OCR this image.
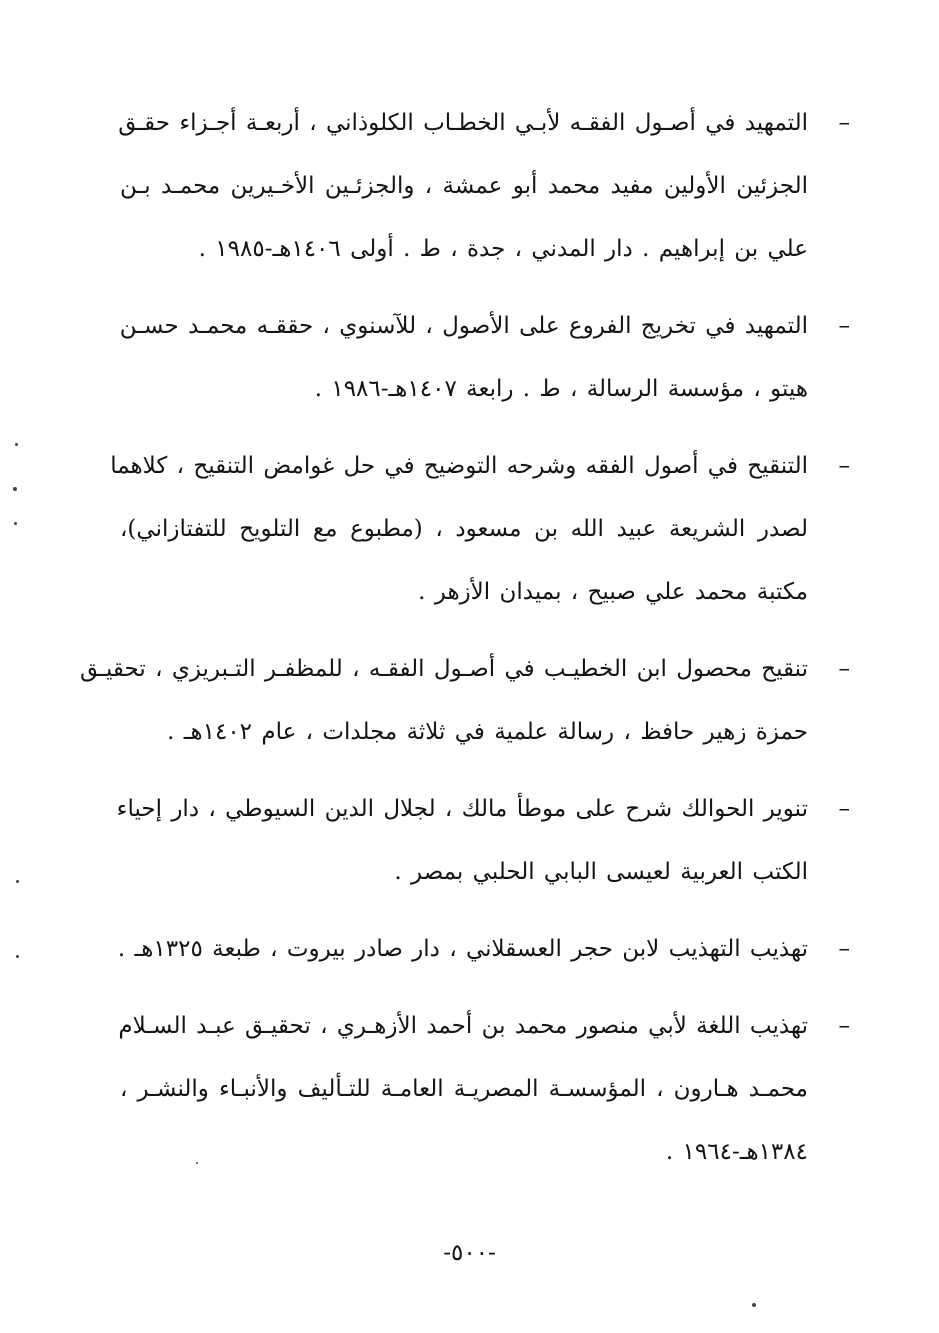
–
التمهيد في أصـول الفقـه لأبـي الخطـاب الكلوذاني ، أربعـة أجـزاء حقـق
الجزئين الأولين مفيد محمد أبو عمشة ، والجزئـين الأخـيرين محمـد بـن
علي بن إبراهيم . دار المدني ، جدة ، ط . أولى ١٤٠٦هـ-١٩٨٥ .
–
التمهيد في تخريج الفروع على الأصول ، للآسنوي ، حققـه محمـد حسـن
هيتو ، مؤسسة الرسالة ، ط . رابعة ١٤٠٧هـ-١٩٨٦ .
–
التنقيح في أصول الفقه وشرحه التوضيح في حل غوامض التنقيح ، كلاهما
لصدر الشريعة عبيد الله بن مسعود ، (مطبوع مع التلويح للتفتازاني)،
مكتبة محمد علي صبيح ، بميدان الأزهر .
–
تنقيح محصول ابن الخطيـب في أصـول الفقـه ، للمظفـر التـبريزي ، تحقيـق
حمزة زهير حافظ ، رسالة علمية في ثلاثة مجلدات ، عام ١٤٠٢هـ .
–
تنوير الحوالك شرح على موطأ مالك ، لجلال الدين السيوطي ، دار إحياء
الكتب العربية لعيسى البابي الحلبي بمصر .
–
تهذيب التهذيب لابن حجر العسقلاني ، دار صادر بيروت ، طبعة ١٣٢٥هـ .
–
تهذيب اللغة لأبي منصور محمد بن أحمد الأزهـري ، تحقيـق عبـد السـلام
محمـد هـارون ، المؤسسـة المصريـة العامـة للتـأليف والأنبـاء والنشـر ،
١٣٨٤هـ-١٩٦٤ .
-٥٠٠-
